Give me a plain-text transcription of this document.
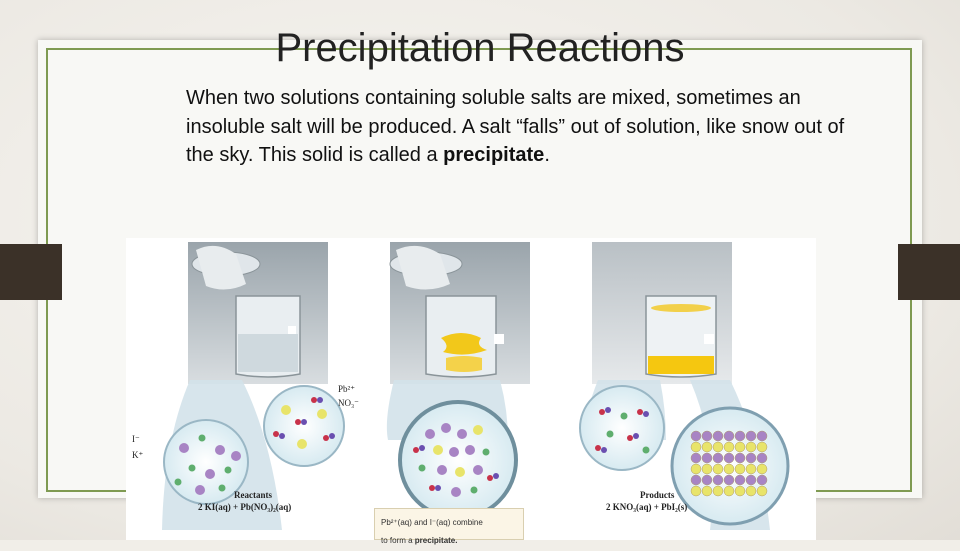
Precipitation Reactions
When two solutions containing soluble salts are mixed, sometimes an insoluble salt will be produced. A salt “falls” out of solution, like snow out of the sky. This solid is called a precipitate.
Pb²⁺
NO₃⁻
I⁻
K⁺
Reactants
2 KI(aq) + Pb(NO₃)₂(aq)
Products
2 KNO₃(aq) + PbI₂(s)
Pb²⁺(aq) and I⁻(aq) combine
to form a precipitate.
